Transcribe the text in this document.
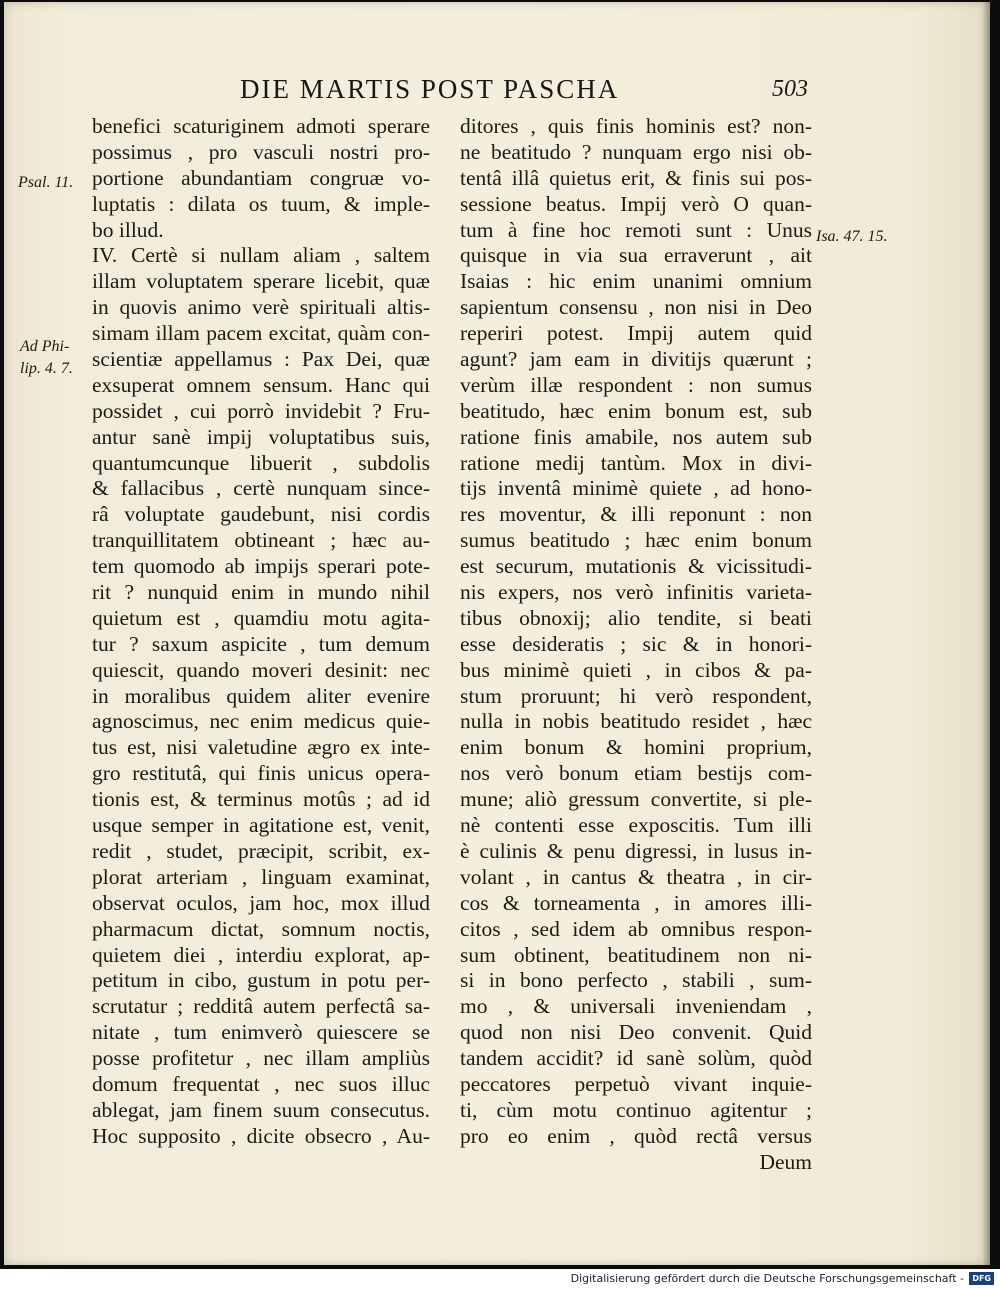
DIE MARTIS POST PASCHA	503
Psal. 11.
Ad Phi-
lip. 4. 7.
Isa. 47. 15.
benefici scaturiginem admoti sperare
possimus , pro vasculi nostri pro-
portione abundantiam congruæ vo-
luptatis : dilata os tuum, & imple-
bo illud.
IV. Certè si nullam aliam , saltem
illam voluptatem sperare licebit, quæ
in quovis animo verè spirituali altis-
simam illam pacem excitat, quàm con-
scientiæ appellamus : Pax Dei, quæ
exsuperat omnem sensum. Hanc qui
possidet , cui porrò invidebit ? Fru-
antur sanè impij voluptatibus suis,
quantumcunque libuerit , subdolis
& fallacibus , certè nunquam since-
râ voluptate gaudebunt, nisi cordis
tranquillitatem obtineant ; hæc au-
tem quomodo ab impijs sperari pote-
rit ? nunquid enim in mundo nihil
quietum est , quamdiu motu agita-
tur ? saxum aspicite , tum demum
quiescit, quando moveri desinit: nec
in moralibus quidem aliter evenire
agnoscimus, nec enim medicus quie-
tus est, nisi valetudine ægro ex inte-
gro restitutâ, qui finis unicus opera-
tionis est, & terminus motûs ; ad id
usque semper in agitatione est, venit,
redit , studet, præcipit, scribit, ex-
plorat arteriam , linguam examinat,
observat oculos, jam hoc, mox illud
pharmacum dictat, somnum noctis,
quietem diei , interdiu explorat, ap-
petitum in cibo, gustum in potu per-
scrutatur ; redditâ autem perfectâ sa-
nitate , tum enimverò quiescere se
posse profitetur , nec illam ampliùs
domum frequentat , nec suos illuc
ablegat, jam finem suum consecutus.
Hoc supposito , dicite obsecro , Au-
ditores , quis finis hominis est? non-
ne beatitudo ? nunquam ergo nisi ob-
tentâ illâ quietus erit, & finis sui pos-
sessione beatus. Impij verò O quan-
tum à fine hoc remoti sunt : Unus
quisque in via sua erraverunt , ait
Isaias : hic enim unanimi omnium
sapientum consensu , non nisi in Deo
reperiri potest. Impij autem quid
agunt? jam eam in divitijs quærunt ;
verùm illæ respondent : non sumus
beatitudo, hæc enim bonum est, sub
ratione finis amabile, nos autem sub
ratione medij tantùm. Mox in divi-
tijs inventâ minimè quiete , ad hono-
res moventur, & illi reponunt : non
sumus beatitudo ; hæc enim bonum
est securum, mutationis & vicissitudi-
nis expers, nos verò infinitis varieta-
tibus obnoxij; alio tendite, si beati
esse desideratis ; sic & in honori-
bus minimè quieti , in cibos & pa-
stum proruunt; hi verò respondent,
nulla in nobis beatitudo residet , hæc
enim bonum & homini proprium,
nos verò bonum etiam bestijs com-
mune; aliò gressum convertite, si ple-
nè contenti esse exposcitis. Tum illi
è culinis & penu digressi, in lusus in-
volant , in cantus & theatra , in cir-
cos & torneamenta , in amores illi-
citos , sed idem ab omnibus respon-
sum obtinent, beatitudinem non ni-
si in bono perfecto , stabili , sum-
mo , & universali inveniendam ,
quod non nisi Deo convenit. Quid
tandem accidit? id sanè solùm, quòd
peccatores perpetuò vivant inquie-
ti, cùm motu continuo agitentur ;
pro eo enim , quòd rectâ versus
Deum
Digitalisierung gefördert durch die Deutsche Forschungsgemeinschaft -	DFG
